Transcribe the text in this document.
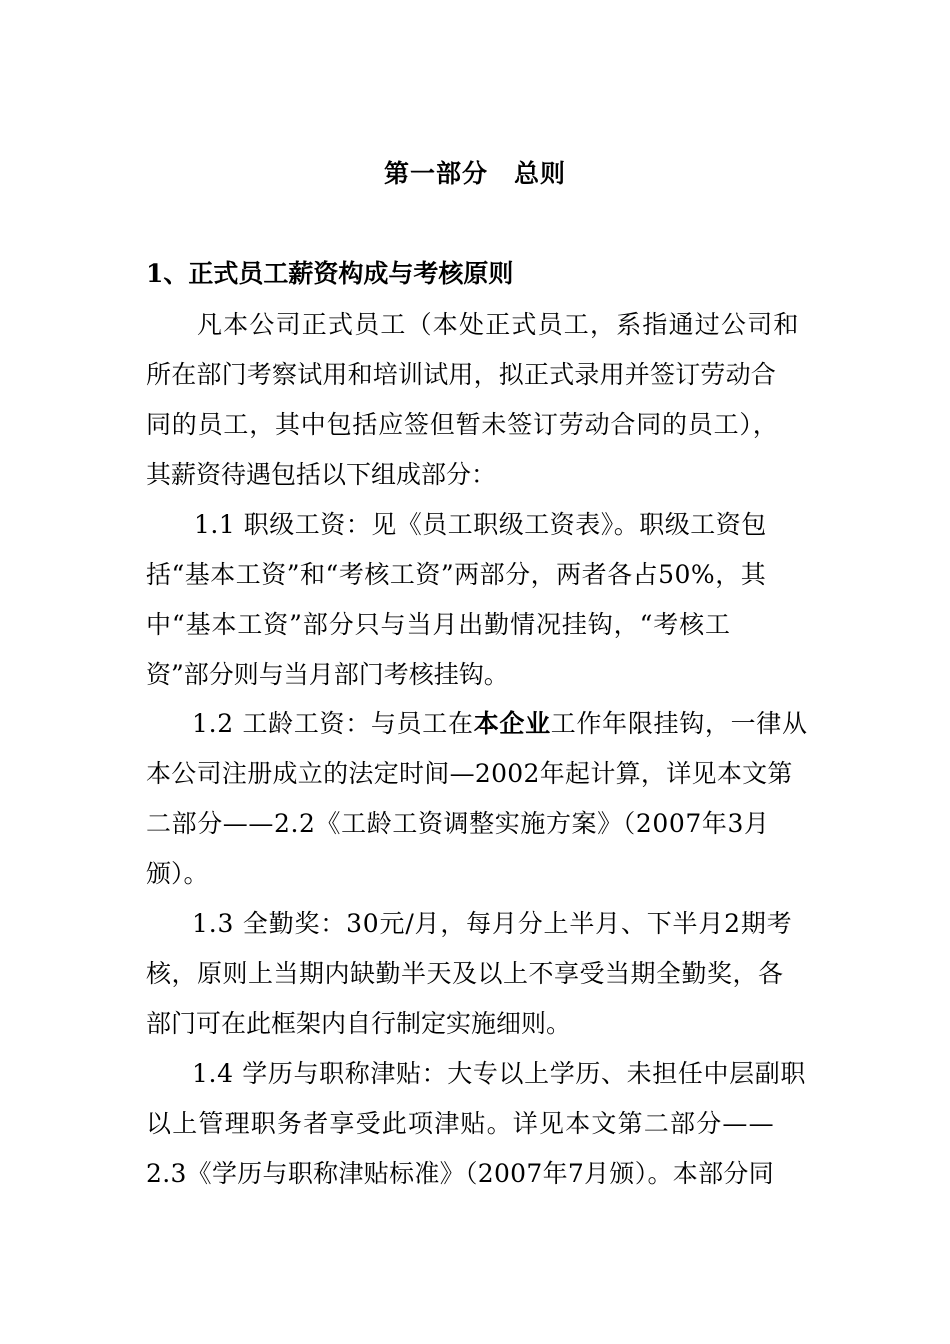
第一部分　总则
1、正式员工薪资构成与考核原则
凡本公司正式员工（本处正式员工，系指通过公司和
所在部门考察试用和培训试用，拟正式录用并签订劳动合
同的员工，其中包括应签但暂未签订劳动合同的员工），
其薪资待遇包括以下组成部分：
1.1 职级工资：见《员工职级工资表》。职级工资包
括“基本工资”和“考核工资”两部分，两者各占50%，其
中“基本工资”部分只与当月出勤情况挂钩，“考核工
资”部分则与当月部门考核挂钩。
1.2 工龄工资：与员工在本企业工作年限挂钩，一律从
本公司注册成立的法定时间—2002年起计算，详见本文第
二部分——2.2《工龄工资调整实施方案》（2007年3月
颁）。
1.3 全勤奖：30元/月，每月分上半月、下半月2期考
核，原则上当期内缺勤半天及以上不享受当期全勤奖，各
部门可在此框架内自行制定实施细则。
1.4 学历与职称津贴：大专以上学历、未担任中层副职
以上管理职务者享受此项津贴。详见本文第二部分——
2.3《学历与职称津贴标准》（2007年7月颁）。本部分同
